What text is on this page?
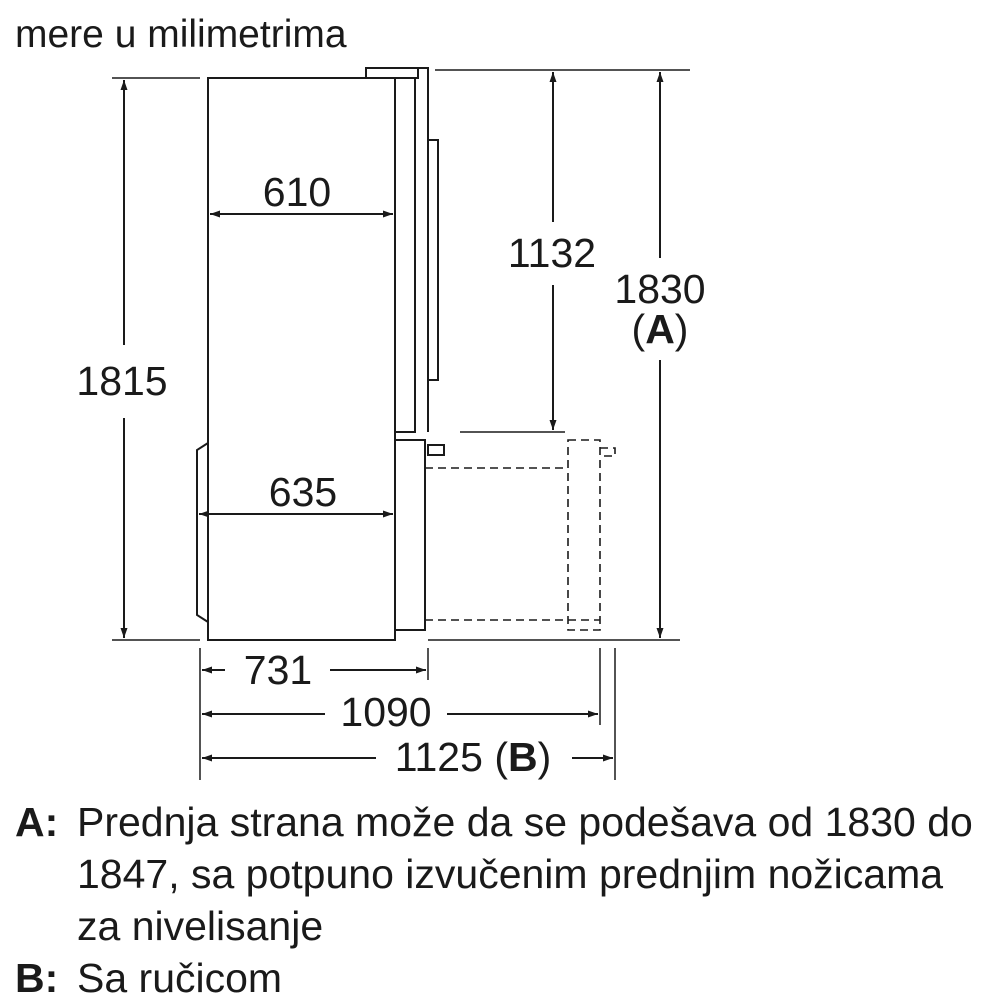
mere u milimetrima
610
635
1815
1132
1830
(A)
731
1090
1125 (B)
A: Prednja strana može da se podešava od 1830 do 1847, sa potpuno izvučenim prednjim nožicama za nivelisanje
B: Sa ručicom
